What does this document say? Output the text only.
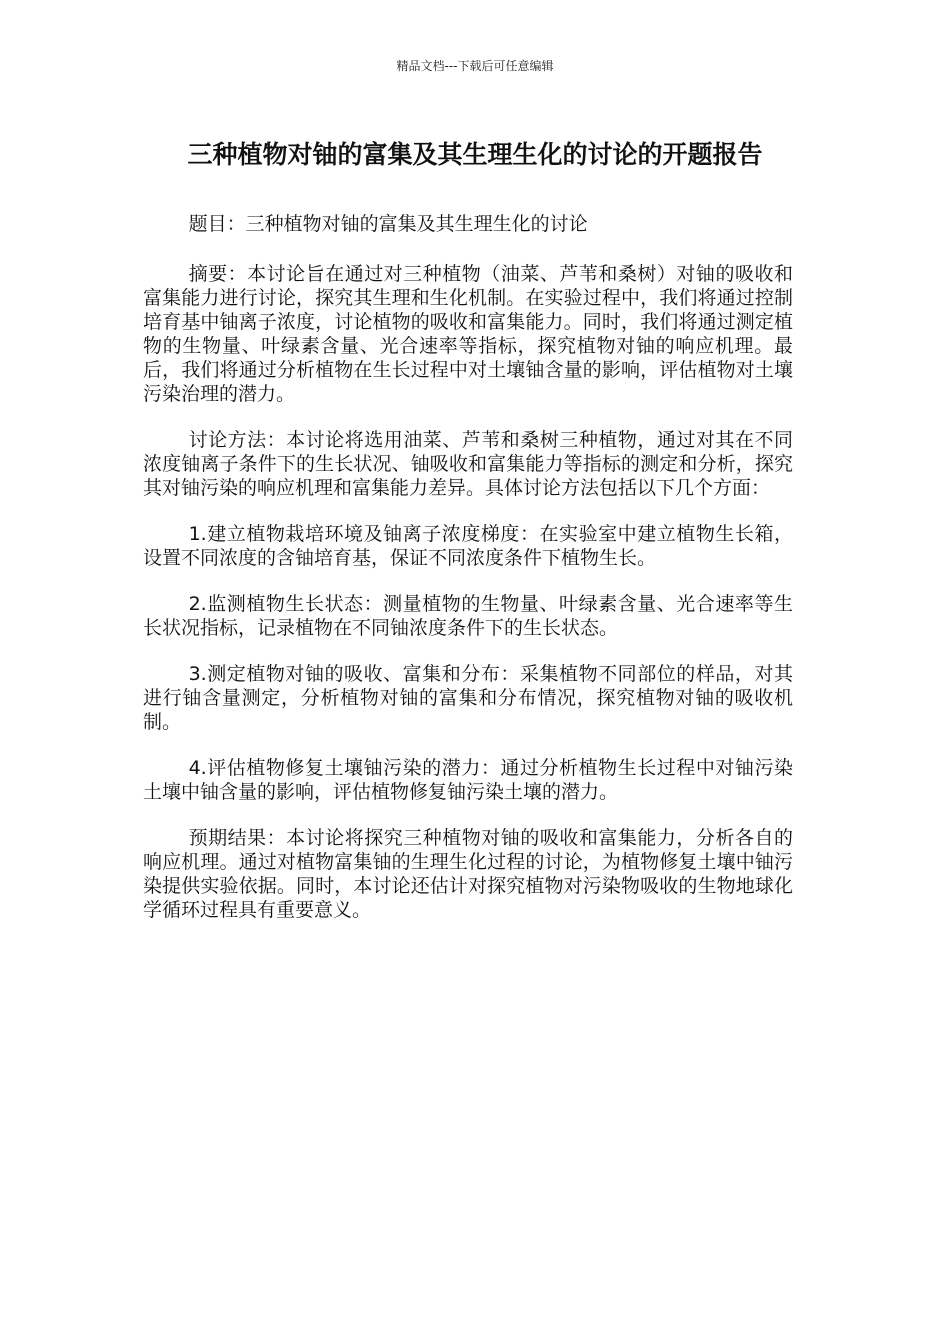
精品文档---下载后可任意编辑
三种植物对铀的富集及其生理生化的讨论的开题报告

题目：三种植物对铀的富集及其生理生化的讨论

摘要：本讨论旨在通过对三种植物（油菜、芦苇和桑树）对铀的吸收和富集能力进行讨论，探究其生理和生化机制。在实验过程中，我们将通过控制培育基中铀离子浓度，讨论植物的吸收和富集能力。同时，我们将通过测定植物的生物量、叶绿素含量、光合速率等指标，探究植物对铀的响应机理。最后，我们将通过分析植物在生长过程中对土壤铀含量的影响，评估植物对土壤污染治理的潜力。

讨论方法：本讨论将选用油菜、芦苇和桑树三种植物，通过对其在不同浓度铀离子条件下的生长状况、铀吸收和富集能力等指标的测定和分析，探究其对铀污染的响应机理和富集能力差异。具体讨论方法包括以下几个方面：

1.建立植物栽培环境及铀离子浓度梯度：在实验室中建立植物生长箱，设置不同浓度的含铀培育基，保证不同浓度条件下植物生长。

2.监测植物生长状态：测量植物的生物量、叶绿素含量、光合速率等生长状况指标，记录植物在不同铀浓度条件下的生长状态。

3.测定植物对铀的吸收、富集和分布：采集植物不同部位的样品，对其进行铀含量测定，分析植物对铀的富集和分布情况，探究植物对铀的吸收机制。

4.评估植物修复土壤铀污染的潜力：通过分析植物生长过程中对铀污染土壤中铀含量的影响，评估植物修复铀污染土壤的潜力。

预期结果：本讨论将探究三种植物对铀的吸收和富集能力，分析各自的响应机理。通过对植物富集铀的生理生化过程的讨论，为植物修复土壤中铀污染提供实验依据。同时，本讨论还估计对探究植物对污染物吸收的生物地球化学循环过程具有重要意义。
